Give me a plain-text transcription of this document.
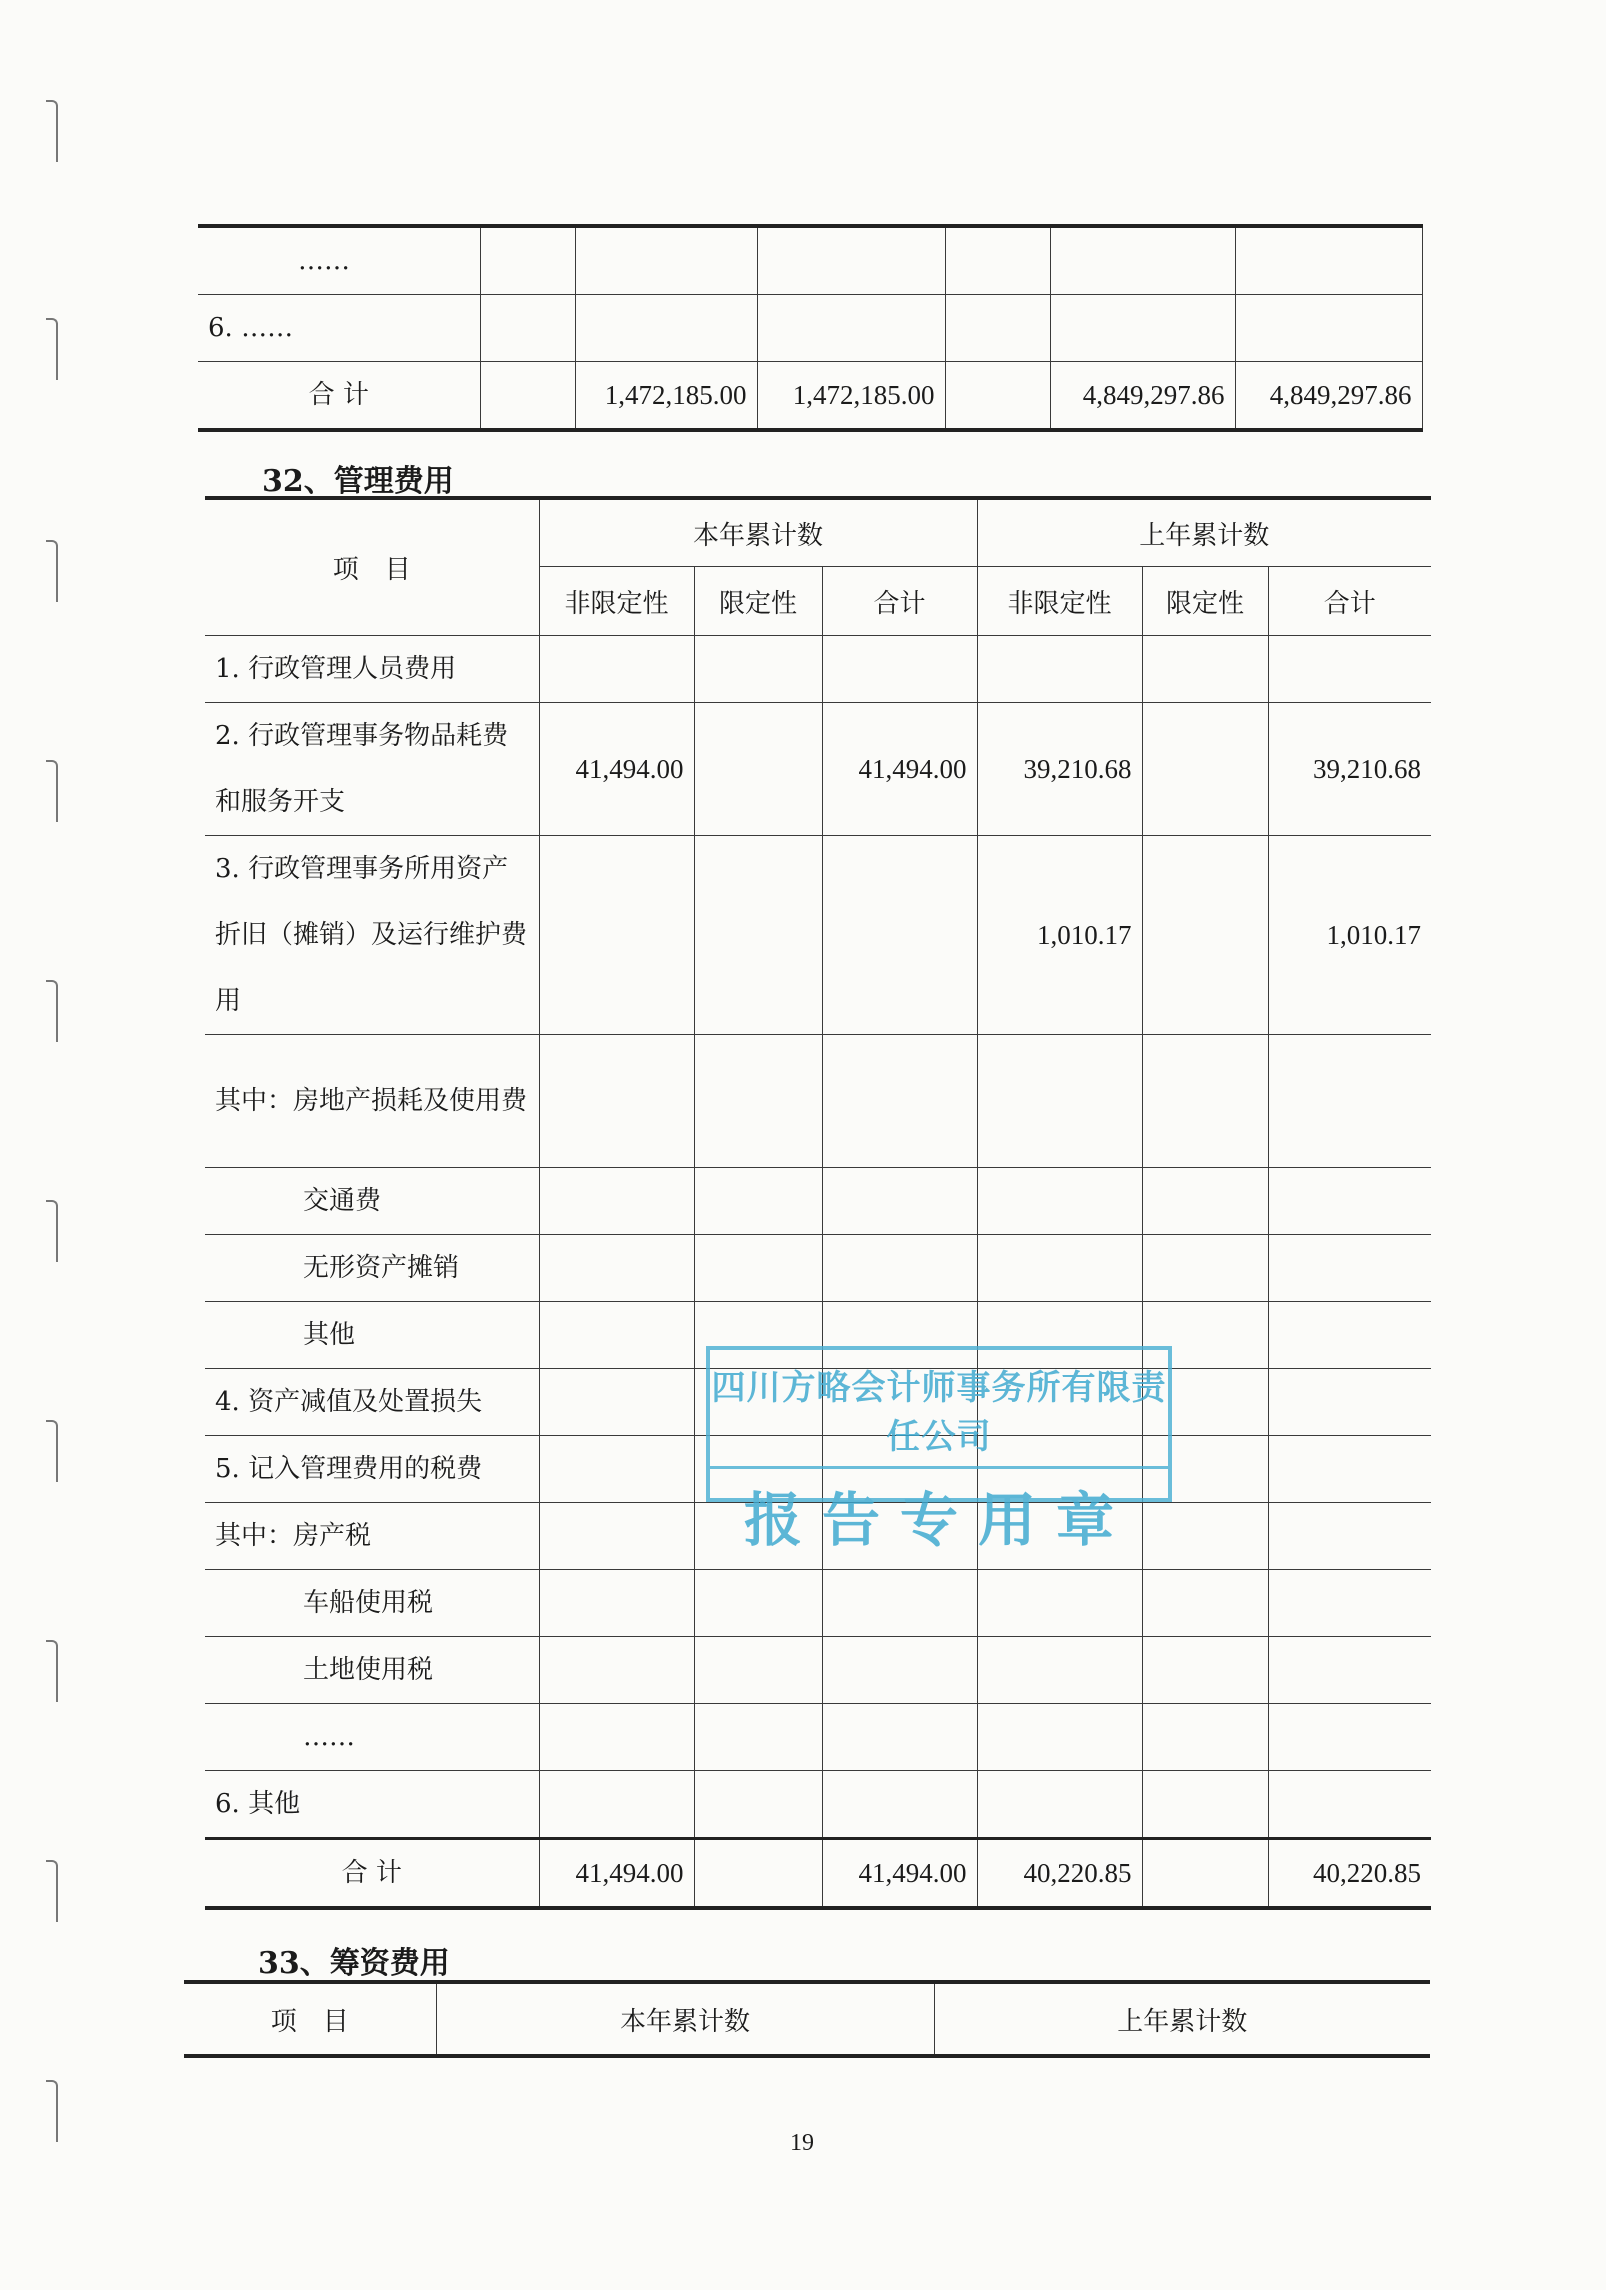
……						
6. ……						
合 计		1,472,185.00	1,472,185.00		4,849,297.86	4,849,297.86
32、管理费用
项　目	本年累计数			上年累计数		
	非限定性	限定性	合计	非限定性	限定性	合计
1. 行政管理人员费用						
2. 行政管理事务物品耗费和服务开支	41,494.00		41,494.00	39,210.68		39,210.68
3. 行政管理事务所用资产折旧（摊销）及运行维护费用				1,010.17		1,010.17
其中：房地产损耗及使用费						
交通费						
无形资产摊销						
其他						
4. 资产减值及处置损失						
5. 记入管理费用的税费						
其中：房产税						
车船使用税						
土地使用税						
……						
6. 其他						
合 计	41,494.00		41,494.00	40,220.85		40,220.85
33、筹资费用
项　目	本年累计数	上年累计数
四川方略会计师事务所有限责任公司
报告专用章
19
